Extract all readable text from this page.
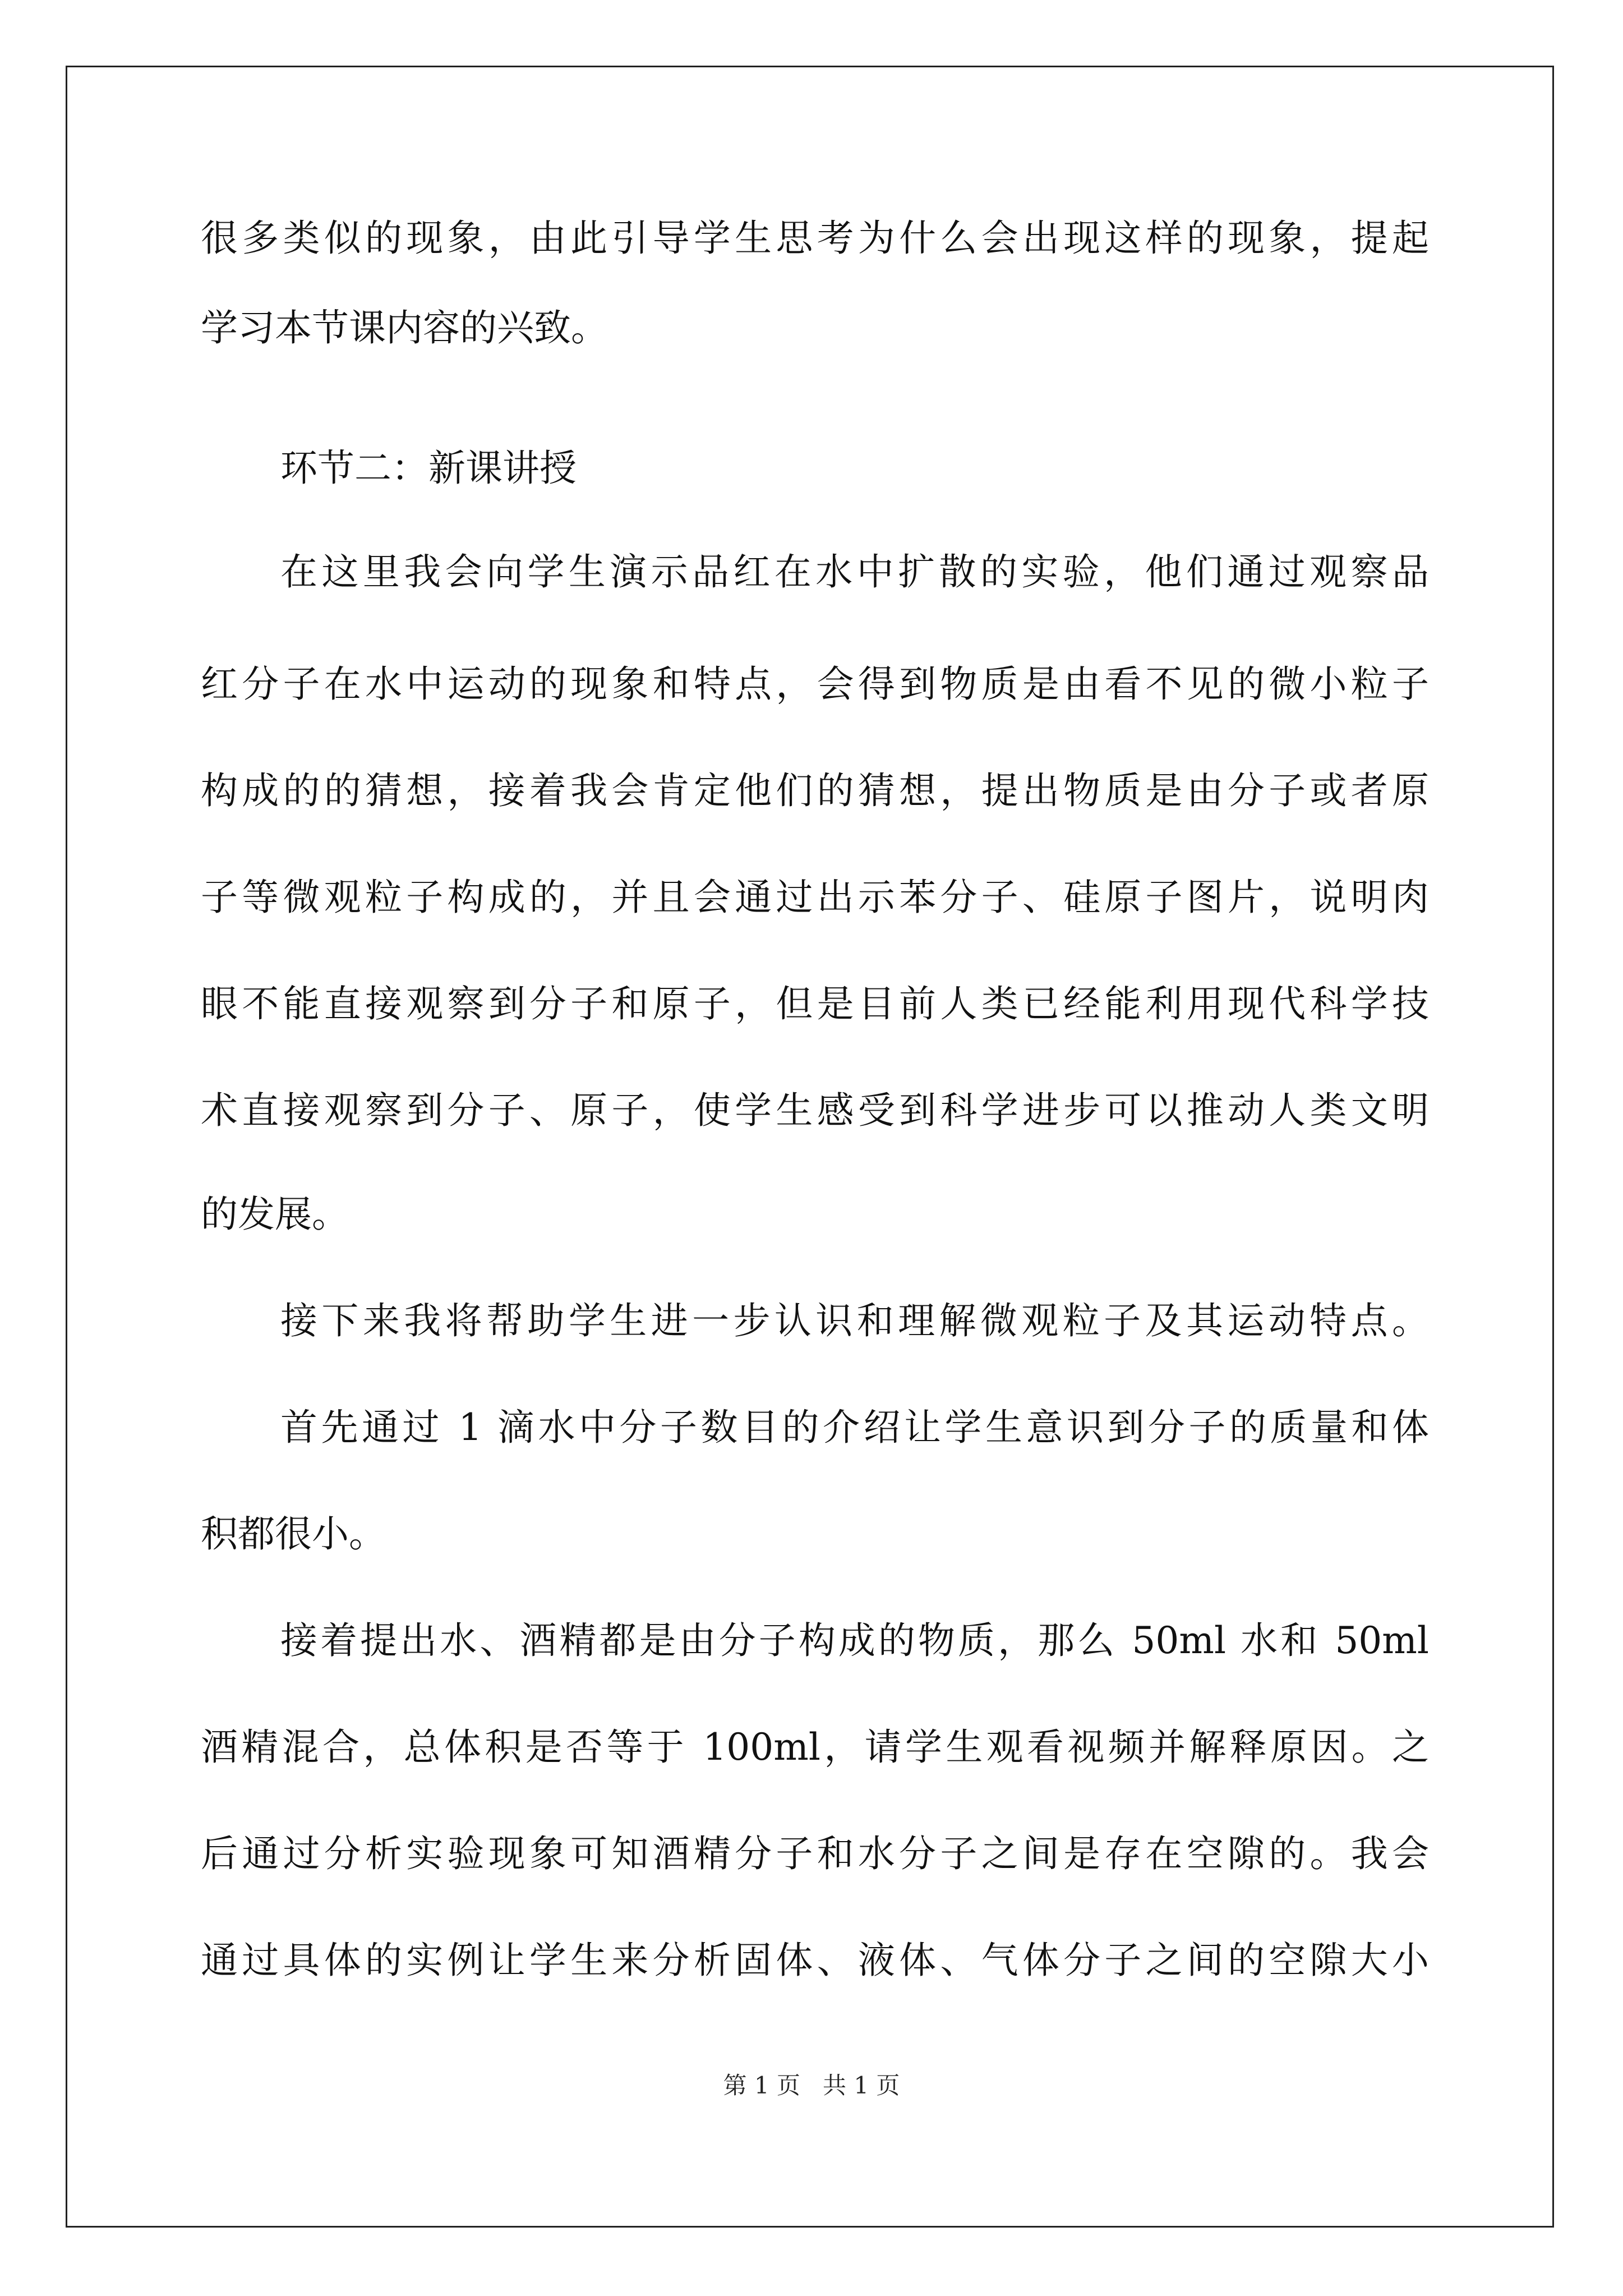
很多类似的现象，由此引导学生思考为什么会出现这样的现象，提起
学习本节课内容的兴致。
环节二：新课讲授
在这里我会向学生演示品红在水中扩散的实验，他们通过观察品
红分子在水中运动的现象和特点，会得到物质是由看不见的微小粒子
构成的的猜想，接着我会肯定他们的猜想，提出物质是由分子或者原
子等微观粒子构成的，并且会通过出示苯分子、硅原子图片，说明肉
眼不能直接观察到分子和原子，但是目前人类已经能利用现代科学技
术直接观察到分子、原子，使学生感受到科学进步可以推动人类文明
的发展。
接下来我将帮助学生进一步认识和理解微观粒子及其运动特点。
首先通过 1 滴水中分子数目的介绍让学生意识到分子的质量和体
积都很小。
接着提出水、酒精都是由分子构成的物质，那么 50ml 水和 50ml
酒精混合，总体积是否等于 100ml，请学生观看视频并解释原因。之
后通过分析实验现象可知酒精分子和水分子之间是存在空隙的。我会
通过具体的实例让学生来分析固体、液体、气体分子之间的空隙大小
第 1 页 共 1 页
